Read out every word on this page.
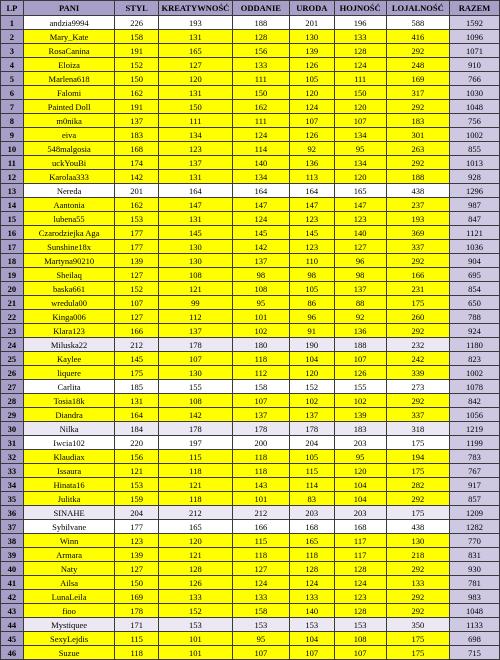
LP	PANI	STYL	KREATYWNOŚĆ	ODDANIE	URODA	HOJNOŚĆ	LOJALNOŚĆ	RAZEM
1	andzia9994	226	193	188	201	196	588	1592
2	Mary_Kate	158	131	128	130	133	416	1096
3	RosaCanina	191	165	156	139	128	292	1071
4	Eloiza	152	127	133	126	124	248	910
5	Marlena618	150	120	111	105	111	169	766
6	Falomi	162	131	150	120	150	317	1030
7	Painted Doll	191	150	162	124	120	292	1048
8	m0nika	137	111	111	107	107	183	756
9	eiva	183	134	124	126	134	301	1002
10	548malgosia	168	123	114	92	95	263	855
11	uckYouBi	174	137	140	136	134	292	1013
12	Karolaa333	142	131	134	113	120	188	928
13	Nereda	201	164	164	164	165	438	1296
14	Aantonia	162	147	147	147	147	237	987
15	lubena55	153	131	124	123	123	193	847
16	Czarodziejka Aga	177	145	145	145	140	369	1121
17	Sunshine18x	177	130	142	123	127	337	1036
18	Martyna90210	139	130	137	110	96	292	904
19	Sheilaq	127	108	98	98	98	166	695
20	baska661	152	121	108	105	137	231	854
21	wredula00	107	99	95	86	88	175	650
22	Kinga006	127	112	101	96	92	260	788
23	Klara123	166	137	102	91	136	292	924
24	Miluska22	212	178	180	190	188	232	1180
25	Kaylee	145	107	118	104	107	242	823
26	liquere	175	130	112	120	126	339	1002
27	Carlita	185	155	158	152	155	273	1078
28	Tosia18k	131	108	107	102	102	292	842
29	Diandra	164	142	137	137	139	337	1056
30	Nilka	184	178	178	178	183	318	1219
31	Iwcia102	220	197	200	204	203	175	1199
32	Klaudiax	156	115	118	105	95	194	783
33	Issaura	121	118	118	115	120	175	767
34	Hinata16	153	121	143	114	104	282	917
35	Julitka	159	118	101	83	104	292	857
36	SINAHE	204	212	212	203	203	175	1209
37	Sybilvane	177	165	166	168	168	438	1282
38	Winn	123	120	115	165	117	130	770
39	Armara	139	121	118	118	117	218	831
40	Naty	127	128	127	128	128	292	930
41	Ailsa	150	126	124	124	124	133	781
42	LunaLeila	169	133	133	133	123	292	983
43	fioo	178	152	158	140	128	292	1048
44	Mystiquee	171	153	153	153	153	350	1133
45	SexyLejdis	115	101	95	104	108	175	698
46	Suzue	118	101	107	107	107	175	715
